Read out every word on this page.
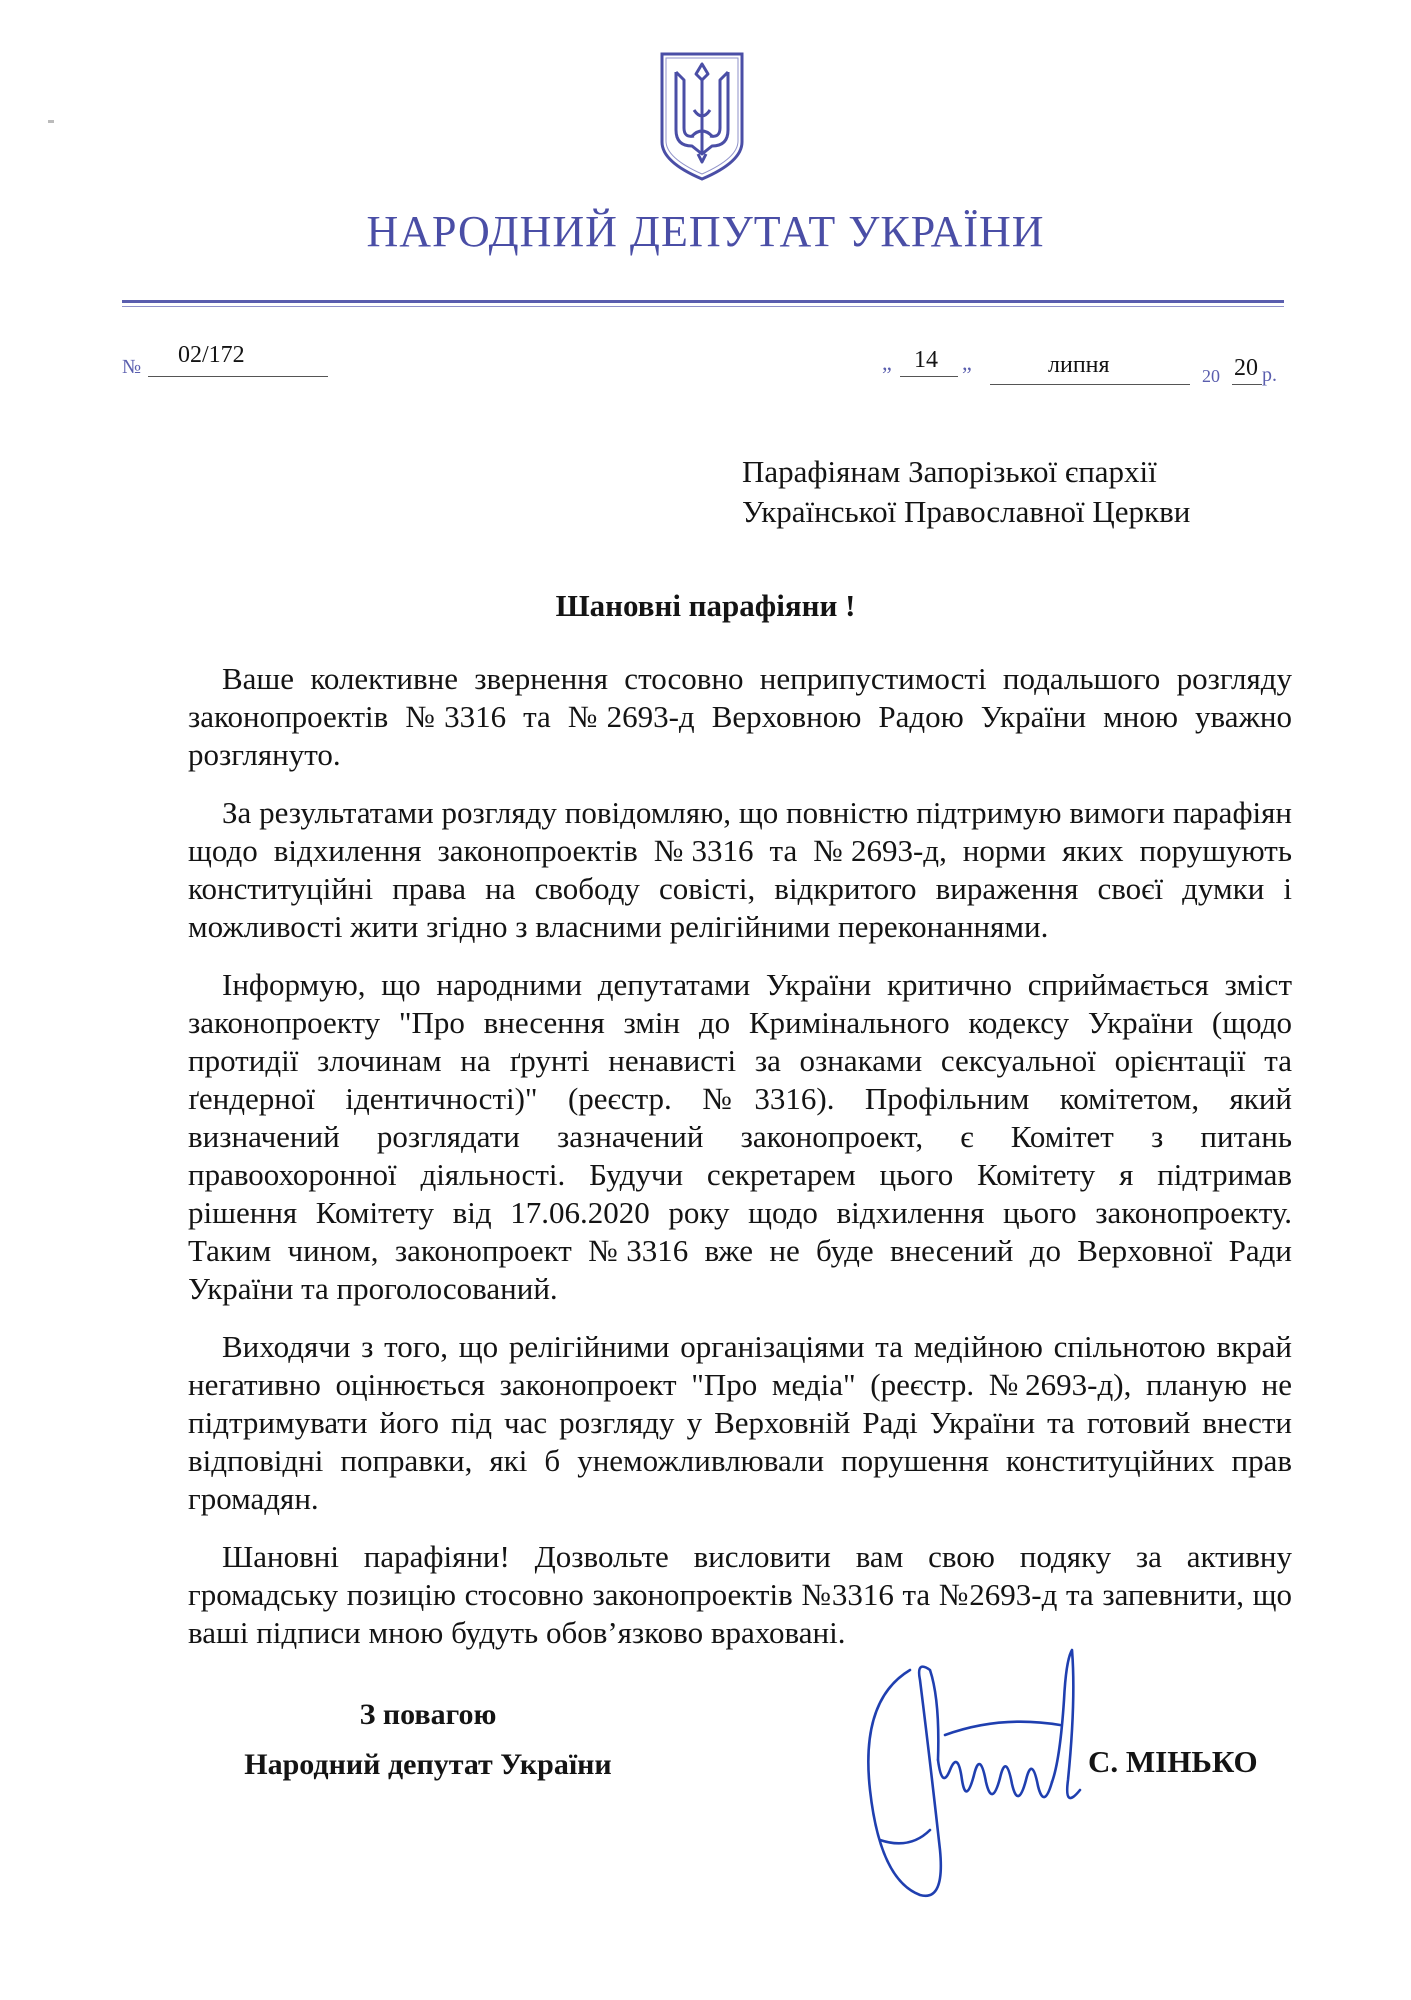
НАРОДНИЙ ДЕПУТАТ УКРАЇНИ
№ 02/172	„ 14 „	липня	20 20 р.
Парафіянам Запорізької єпархії
Української Православної Церкви
Шановні парафіяни !

Ваше колективне звернення стосовно неприпустимості подальшого розгляду законопроектів №3316 та №2693-д Верховною Радою України мною уважно розглянуто.

За результатами розгляду повідомляю, що повністю підтримую вимоги парафіян щодо відхилення законопроектів №3316 та №2693-д, норми яких порушують конституційні права на свободу совісті, відкритого вираження своєї думки і можливості жити згідно з власними релігійними переконаннями.

Інформую, що народними депутатами України критично сприймається зміст законопроекту "Про внесення змін до Кримінального кодексу України (щодо протидії злочинам на ґрунті ненависті за ознаками сексуальної орієнтації та ґендерної ідентичності)" (реєстр. №3316). Профільним комітетом, який визначений розглядати зазначений законопроект, є Комітет з питань правоохоронної діяльності. Будучи секретарем цього Комітету я підтримав рішення Комітету від 17.06.2020 року щодо відхилення цього законопроекту. Таким чином, законопроект №3316 вже не буде внесений до Верховної Ради України та проголосований.

Виходячи з того, що релігійними організаціями та медійною спільнотою вкрай негативно оцінюється законопроект "Про медіа" (реєстр. №2693-д), планую не підтримувати його під час розгляду у Верховній Раді України та готовий внести відповідні поправки, які б унеможливлювали порушення конституційних прав громадян.

Шановні парафіяни! Дозвольте висловити вам свою подяку за активну громадську позицію стосовно законопроектів №3316 та №2693-д та запевнити, що ваші підписи мною будуть обов’язково враховані.

З повагою
Народний депутат України	С. МІНЬКО
